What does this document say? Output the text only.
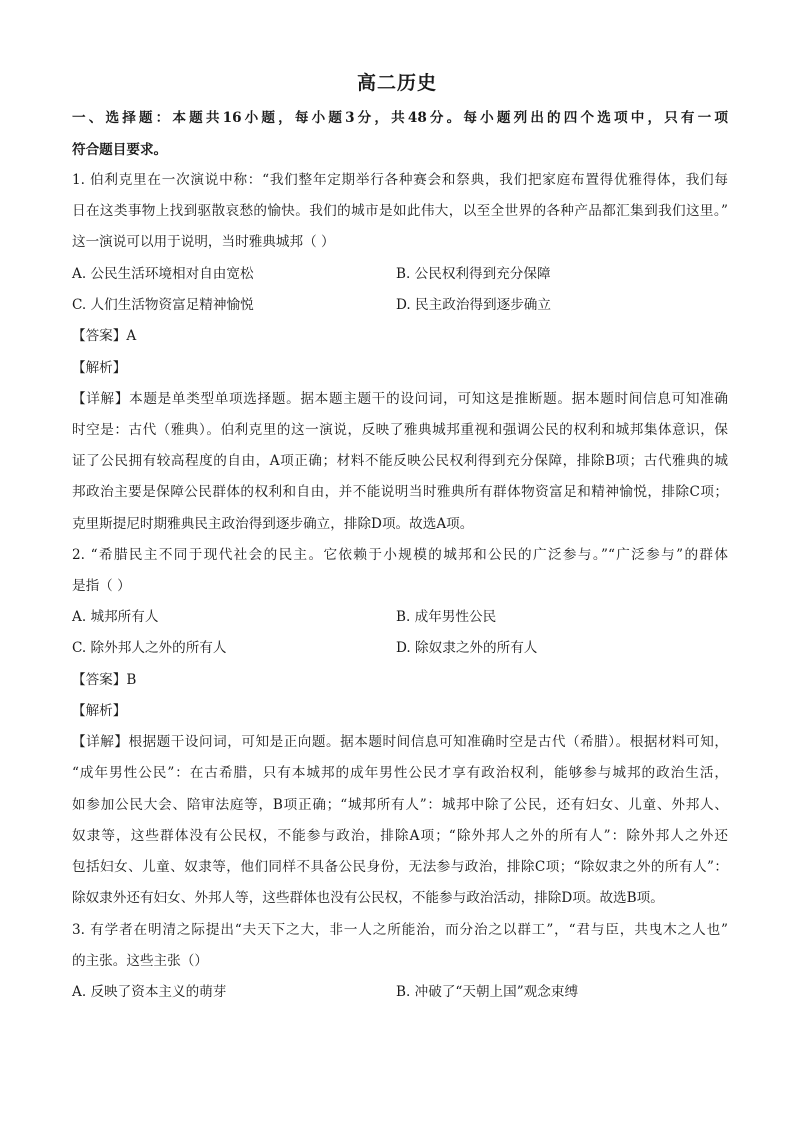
高二历史
一、选择题：本题共16小题，每小题3分，共48分。每小题列出的四个选项中，只有一项
符合题目要求。
1. 伯利克里在一次演说中称：“我们整年定期举行各种赛会和祭典，我们把家庭布置得优雅得体，我们每
日在这类事物上找到驱散哀愁的愉快。我们的城市是如此伟大，以至全世界的各种产品都汇集到我们这里。”
这一演说可以用于说明，当时雅典城邦（ ）
A. 公民生活环境相对自由宽松	B. 公民权利得到充分保障
C. 人们生活物资富足精神愉悦	D. 民主政治得到逐步确立
【答案】A
【解析】
【详解】本题是单类型单项选择题。据本题主题干的设问词，可知这是推断题。据本题时间信息可知准确
时空是：古代（雅典）。伯利克里的这一演说，反映了雅典城邦重视和强调公民的权利和城邦集体意识，保
证了公民拥有较高程度的自由，A项正确；材料不能反映公民权利得到充分保障，排除B项；古代雅典的城
邦政治主要是保障公民群体的权利和自由，并不能说明当时雅典所有群体物资富足和精神愉悦，排除C项；
克里斯提尼时期雅典民主政治得到逐步确立，排除D项。故选A项。
2. “希腊民主不同于现代社会的民主。它依赖于小规模的城邦和公民的广泛参与。”“广泛参与”的群体
是指（ ）
A. 城邦所有人	B. 成年男性公民
C. 除外邦人之外的所有人	D. 除奴隶之外的所有人
【答案】B
【解析】
【详解】根据题干设问词，可知是正向题。据本题时间信息可知准确时空是古代（希腊）。根据材料可知，
“成年男性公民”：在古希腊，只有本城邦的成年男性公民才享有政治权利，能够参与城邦的政治生活，
如参加公民大会、陪审法庭等，B项正确；“城邦所有人”：城邦中除了公民，还有妇女、儿童、外邦人、
奴隶等，这些群体没有公民权，不能参与政治，排除A项；“除外邦人之外的所有人”：除外邦人之外还
包括妇女、儿童、奴隶等，他们同样不具备公民身份，无法参与政治，排除C项；“除奴隶之外的所有人”：
除奴隶外还有妇女、外邦人等，这些群体也没有公民权，不能参与政治活动，排除D项。故选B项。
3. 有学者在明清之际提出“夫天下之大，非一人之所能治，而分治之以群工”，“君与臣，共曳木之人也”
的主张。这些主张（）
A. 反映了资本主义的萌芽	B. 冲破了“天朝上国”观念束缚
